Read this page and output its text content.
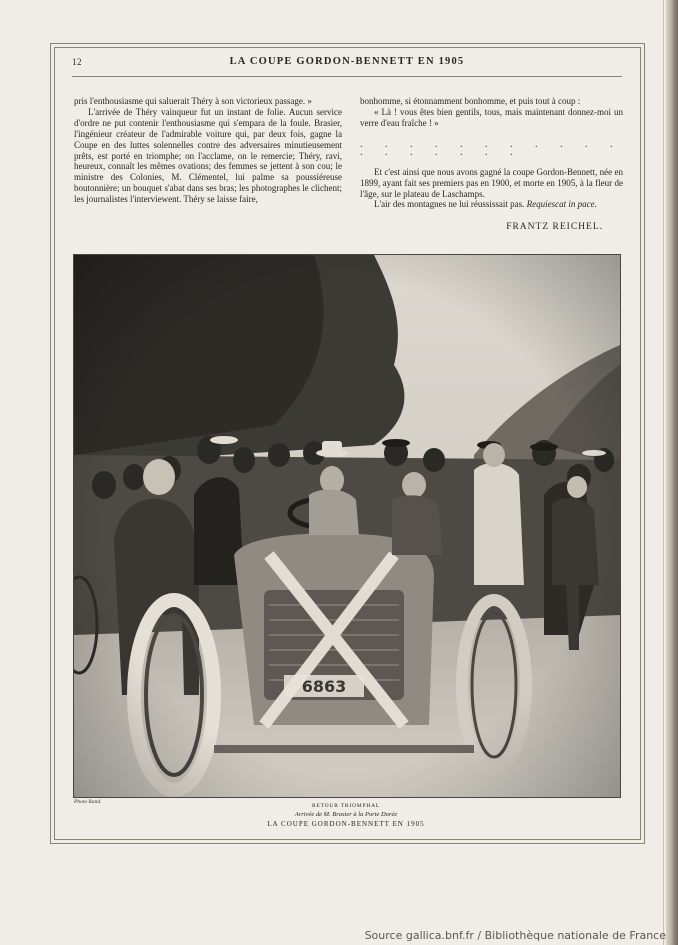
12	LA COUPE GORDON-BENNETT EN 1905

pris l'enthousiasme qui saluerait Théry à son victorieux passage. »

L'arrivée de Théry vainqueur fut un instant de folie. Aucun service d'ordre ne put contenir l'enthousiasme qui s'empara de la foule. Brasier, l'ingénieur créateur de l'admirable voiture qui, par deux fois, gagne la Coupe en des luttes solennelles contre des adversaires minutieusement prêts, est porté en triomphe; on l'acclame, on le remercie; Théry, ravi, heureux, connaît les mêmes ovations; des femmes se jettent à son cou; le ministre des Colonies, M. Clémentel, lui palme sa poussiéreuse boutonnière; un bouquet s'abat dans ses bras; les photographes le clichent; les journalistes l'interviewent. Théry se laisse faire,

bonhomme, si étonnamment bonhomme, et puis tout à coup :

« Là ! vous êtes bien gentils, tous, mais maintenant donnez-moi un verre d'eau fraîche ! »

. . . . . . . . . . . . . . . . . .

Et c'est ainsi que nous avons gagné la coupe Gordon-Bennett, née en 1899, ayant fait ses premiers pas en 1900, et morte en 1905, à la fleur de l'âge, sur le plateau de Laschamps.

L'air des montagnes ne lui réussissait pas. Requiescat in pace.

FRANTZ REICHEL.
Photo Rand.
RETOUR TRIOMPHAL
Arrivée de M. Brasier à la Porte Dorée
LA COUPE GORDON-BENNETT EN 1905
Source gallica.bnf.fr / Bibliothèque nationale de France
